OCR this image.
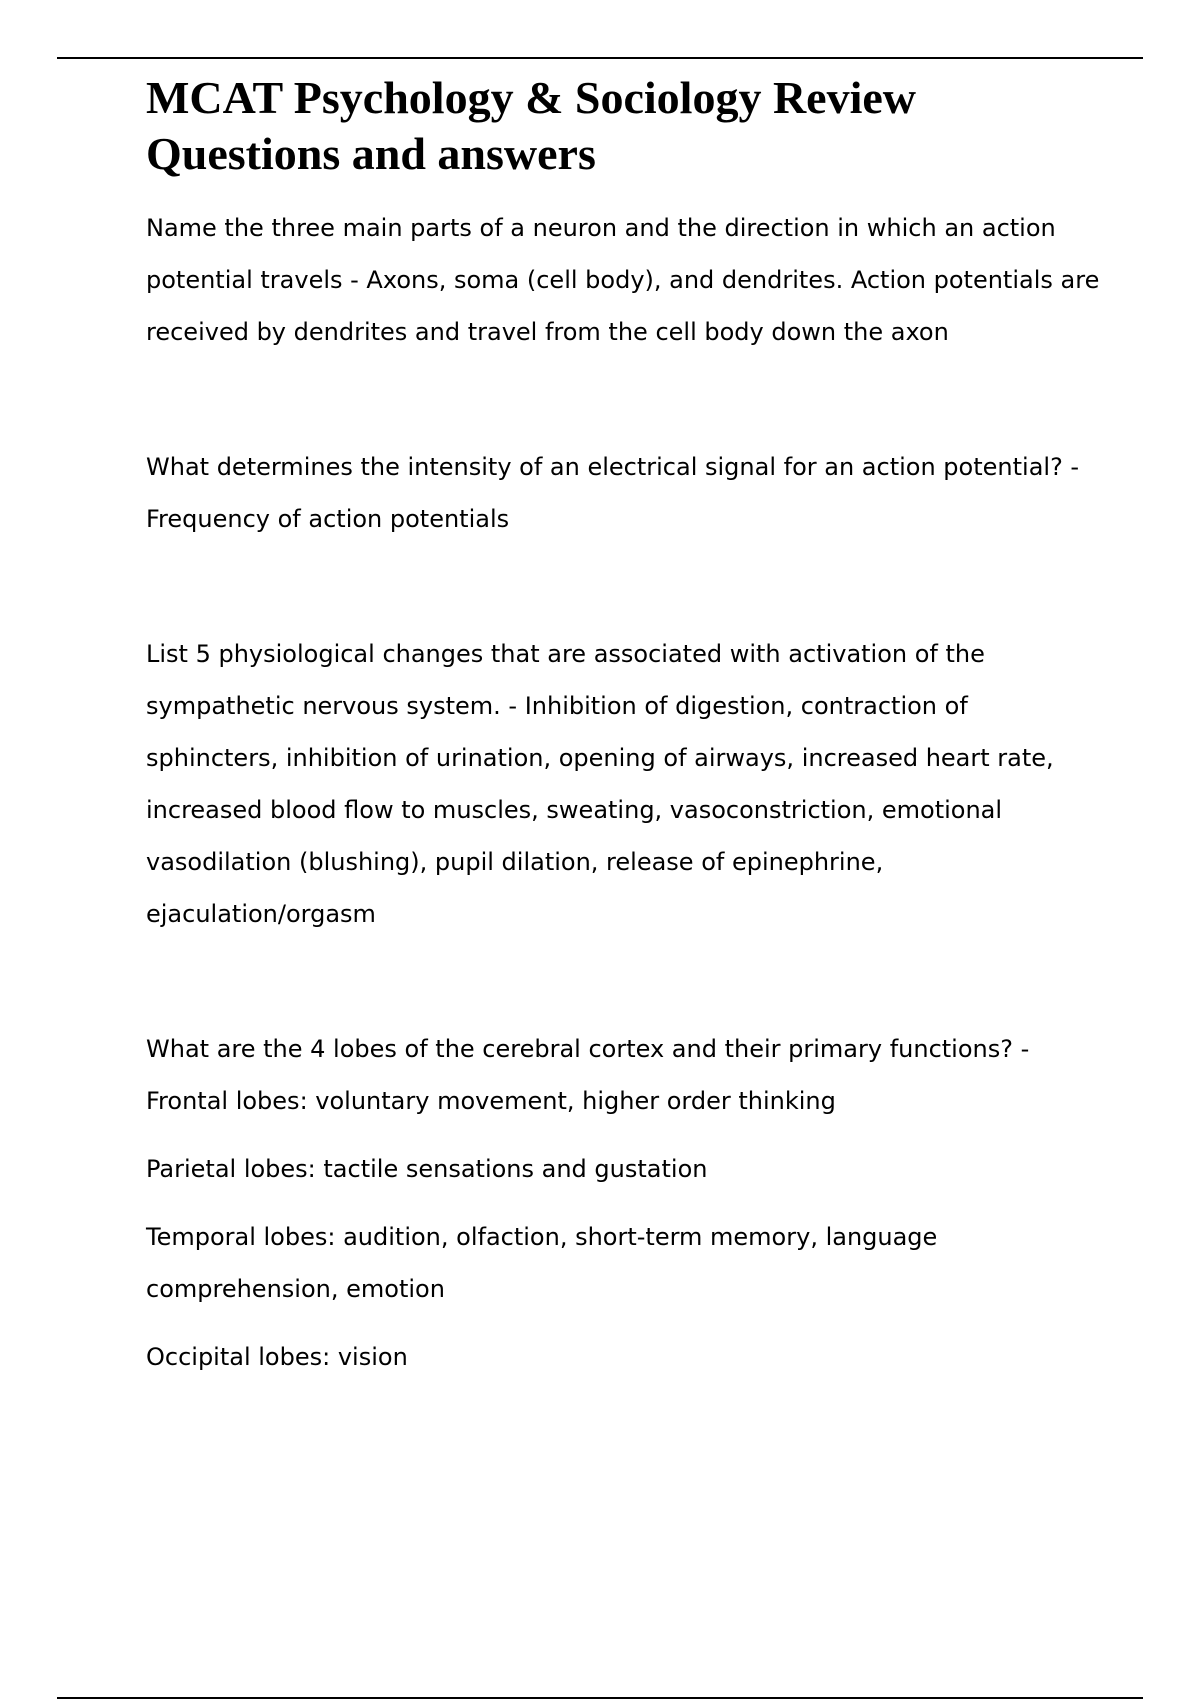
MCAT Psychology & Sociology Review Questions and answers

Name the three main parts of a neuron and the direction in which an action potential travels - Axons, soma (cell body), and dendrites. Action potentials are received by dendrites and travel from the cell body down the axon

What determines the intensity of an electrical signal for an action potential? - Frequency of action potentials

List 5 physiological changes that are associated with activation of the sympathetic nervous system. - Inhibition of digestion, contraction of sphincters, inhibition of urination, opening of airways, increased heart rate, increased blood flow to muscles, sweating, vasoconstriction, emotional vasodilation (blushing), pupil dilation, release of epinephrine, ejaculation/orgasm

What are the 4 lobes of the cerebral cortex and their primary functions? - Frontal lobes: voluntary movement, higher order thinking

Parietal lobes: tactile sensations and gustation

Temporal lobes: audition, olfaction, short-term memory, language comprehension, emotion

Occipital lobes: vision
